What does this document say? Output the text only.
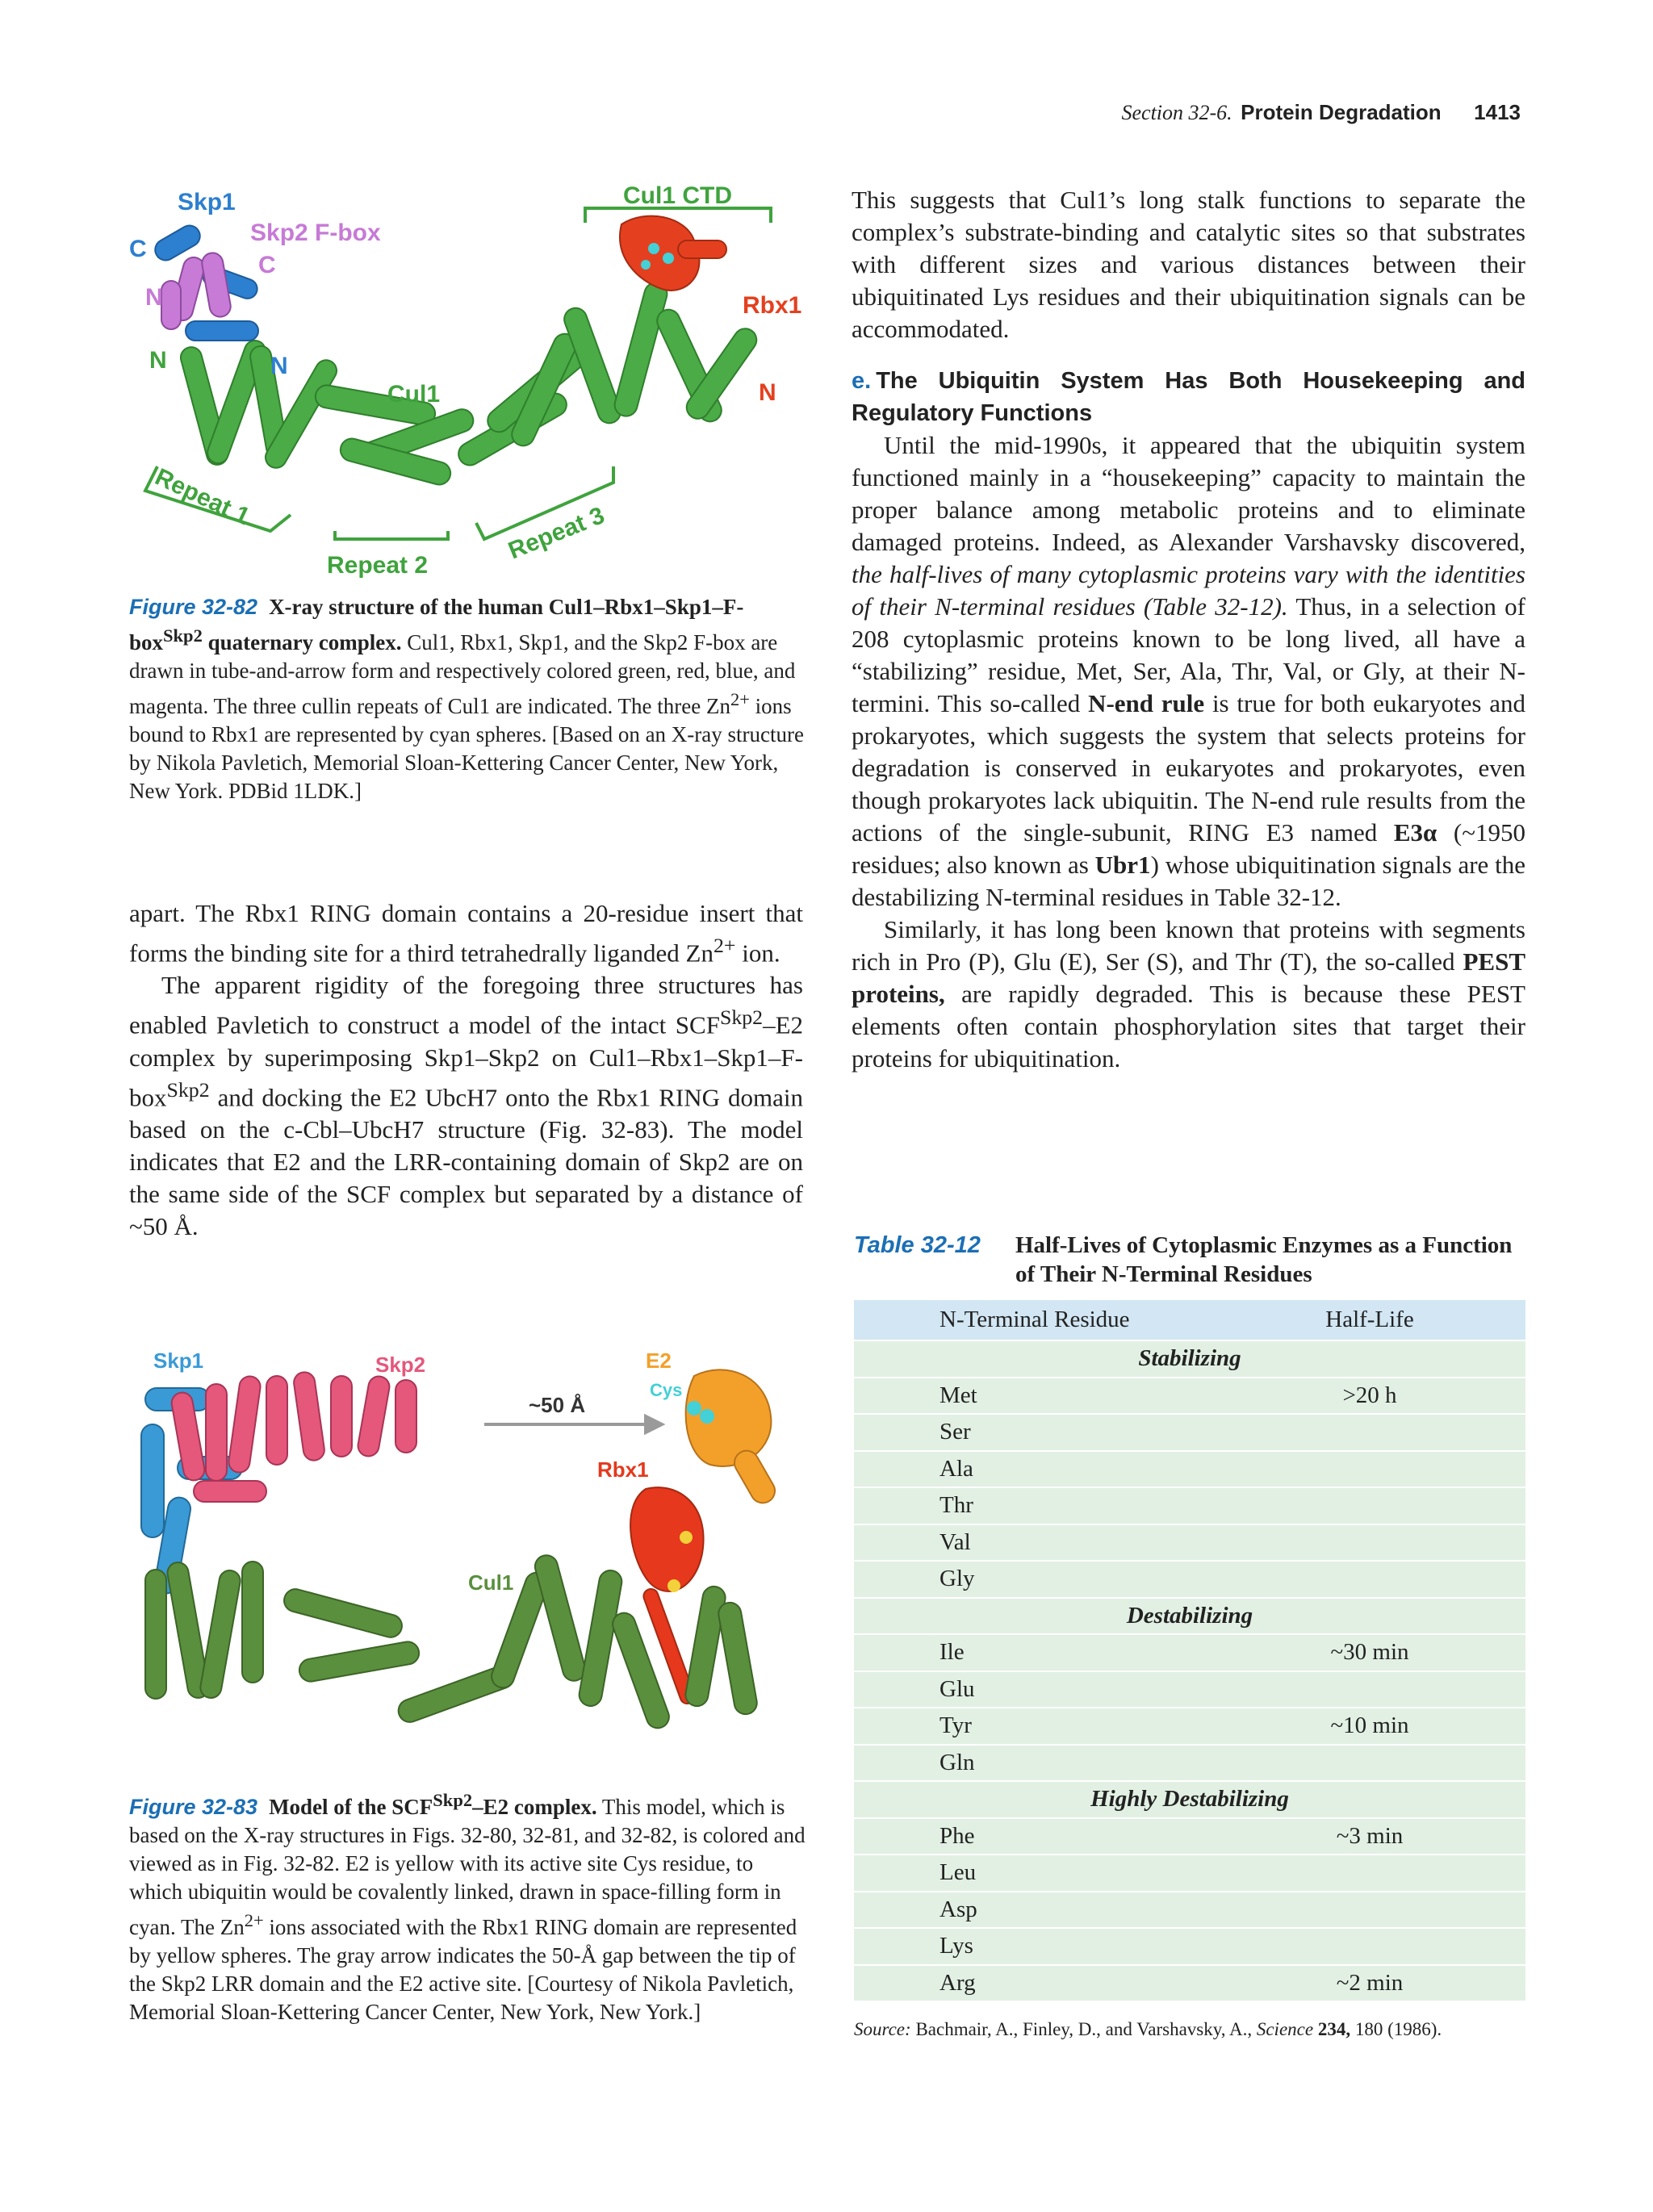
Section 32-6. Protein Degradation 1413
Skp1
Skp2 F-box
Cul1 CTD
Rbx1
Cul1
Repeat 1
Repeat 2
Repeat 3
C
C
N
N
N
N
Figure 32-82 X-ray structure of the human Cul1–Rbx1–Skp1–F-box$^{Skp2}$ quaternary complex. Cul1, Rbx1, Skp1, and the Skp2 F-box are drawn in tube-and-arrow form and respectively colored green, red, blue, and magenta. The three cullin repeats of Cul1 are indicated. The three $Zn^{2+}$ ions bound to Rbx1 are represented by cyan spheres. [Based on an X-ray structure by Nikola Pavletich, Memorial Sloan-Kettering Cancer Center, New York, New York. PDBid 1LDK.]

apart. The Rbx1 RING domain contains a 20-residue insert that forms the binding site for a third tetrahedrally liganded $Zn^{2+}$ ion.

The apparent rigidity of the foregoing three structures has enabled Pavletich to construct a model of the intact $SCF^{Skp2}-E2$ complex by superimposing Skp1–Skp2 on Cul1–Rbx1–Skp1–F-box$^{Skp2}$ and docking the E2 UbcH7 onto the Rbx1 RING domain based on the c-Cbl–UbcH7 structure (Fig. 32-83). The model indicates that E2 and the LRR-containing domain of Skp2 are on the same side of the SCF complex but separated by a distance of ~50 Å.

Skp1	Skp2	E2
Cys
~50 Å
Rbx1
Cul1
Figure 32-83 Model of the $SCF^{Skp2}-E2$ complex. This model, which is based on the X-ray structures in Figs. 32-80, 32-81, and 32-82, is colored and viewed as in Fig. 32-82. E2 is yellow with its active site Cys residue, to which ubiquitin would be covalently linked, drawn in space-filling form in cyan. The $Zn^{2+}$ ions associated with the Rbx1 RING domain are represented by yellow spheres. The gray arrow indicates the 50-Å gap between the tip of the Skp2 LRR domain and the E2 active site. [Courtesy of Nikola Pavletich, Memorial Sloan-Kettering Cancer Center, New York, New York.]

This suggests that Cul1’s long stalk functions to separate the complex’s substrate-binding and catalytic sites so that substrates with different sizes and various distances between their ubiquitinated Lys residues and their ubiquitination signals can be accommodated.

e. The Ubiquitin System Has Both Housekeeping and Regulatory Functions

Until the mid-1990s, it appeared that the ubiquitin system functioned mainly in a “housekeeping” capacity to maintain the proper balance among metabolic proteins and to eliminate damaged proteins. Indeed, as Alexander Varshavsky discovered, the half-lives of many cytoplasmic proteins vary with the identities of their N-terminal residues (Table 32-12). Thus, in a selection of 208 cytoplasmic proteins known to be long lived, all have a “stabilizing” residue, Met, Ser, Ala, Thr, Val, or Gly, at their N-termini. This so-called N-end rule is true for both eukaryotes and prokaryotes, which suggests the system that selects proteins for degradation is conserved in eukaryotes and prokaryotes, even though prokaryotes lack ubiquitin. The N-end rule results from the actions of the single-subunit, RING E3 named E3α (~1950 residues; also known as Ubr1) whose ubiquitination signals are the destabilizing N-terminal residues in Table 32-12.

Similarly, it has long been known that proteins with segments rich in Pro (P), Glu (E), Ser (S), and Thr (T), the so-called PEST proteins, are rapidly degraded. This is because these PEST elements often contain phosphorylation sites that target their proteins for ubiquitination.

Table 32-12	Half-Lives of Cytoplasmic Enzymes as a Function of Their N-Terminal Residues
N-Terminal Residue	Half-Life
Stabilizing	
Met	>20 h
Ser	
Ala	
Thr	
Val	
Gly	
Destabilizing	
Ile	~30 min
Glu	
Tyr	~10 min
Gln	
Highly Destabilizing	
Phe	~3 min
Leu	
Asp	
Lys	
Arg	~2 min
Source: Bachmair, A., Finley, D., and Varshavsky, A., Science 234, 180 (1986).
